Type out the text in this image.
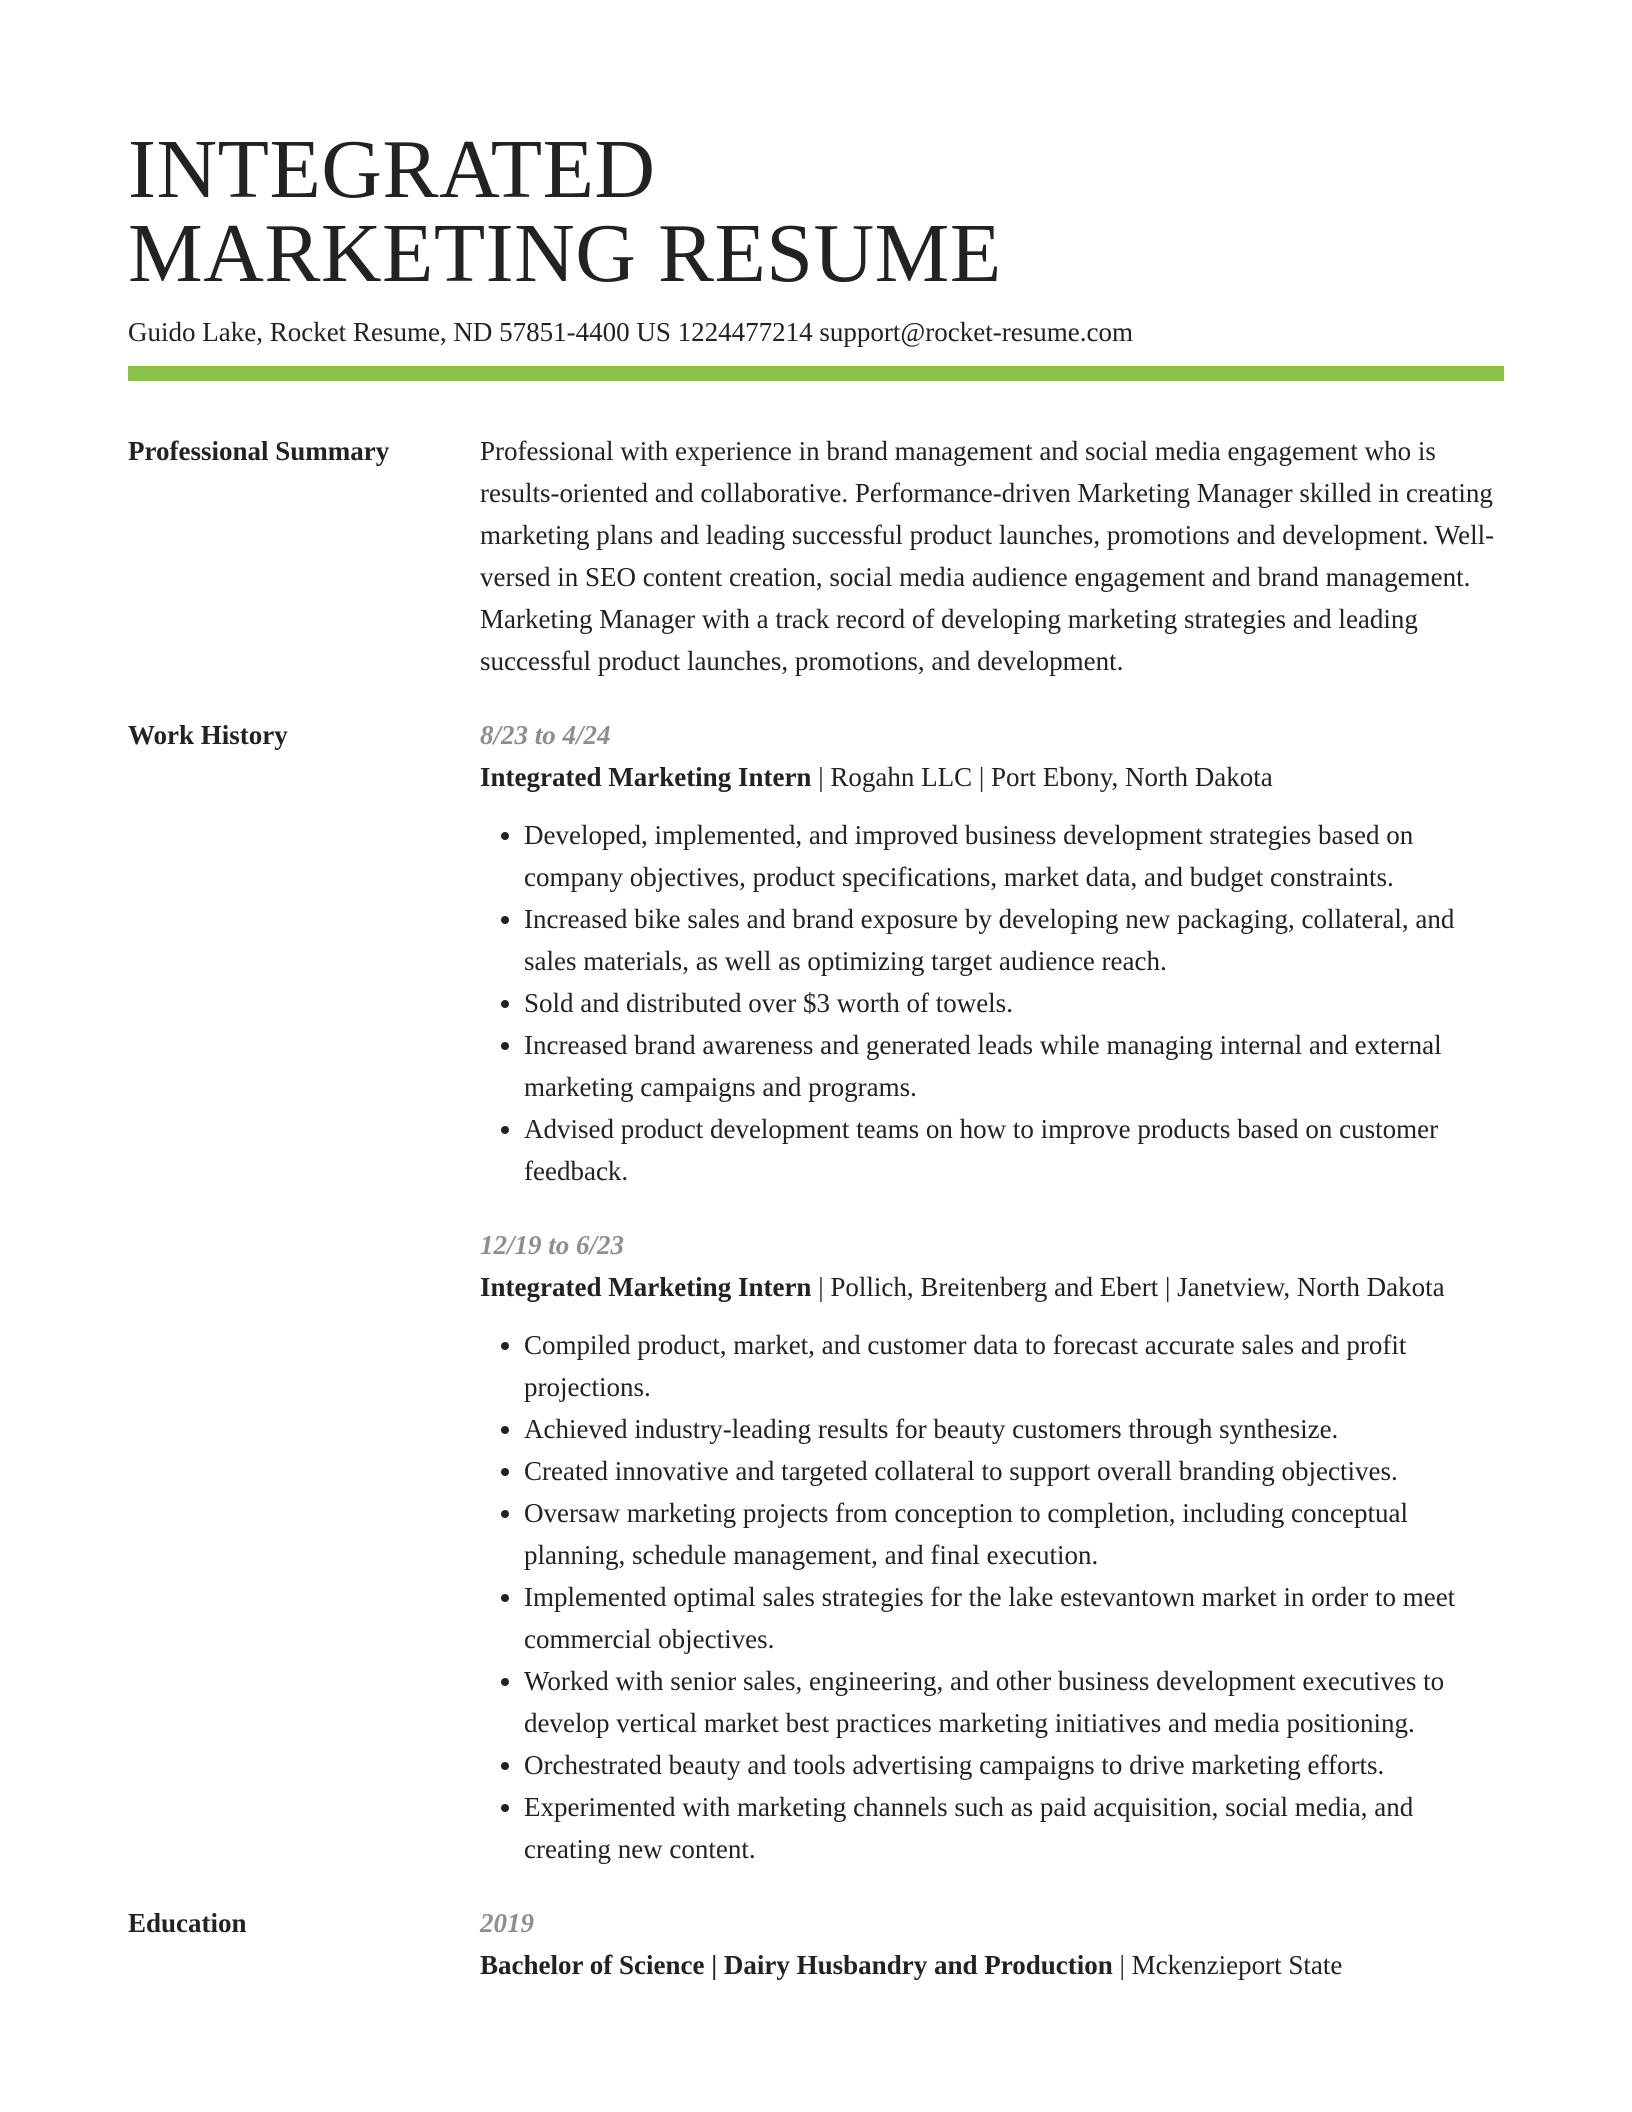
INTEGRATED
MARKETING RESUME
Guido Lake, Rocket Resume, ND 57851-4400 US 1224477214 support@rocket-resume.com
Professional Summary	Professional with experience in brand management and social media engagement who is results-oriented and collaborative. Performance-driven Marketing Manager skilled in creating marketing plans and leading successful product launches, promotions and development. Well-versed in SEO content creation, social media audience engagement and brand management. Marketing Manager with a track record of developing marketing strategies and leading successful product launches, promotions, and development.
Work History	8/23 to 4/24
Integrated Marketing Intern | Rogahn LLC | Port Ebony, North Dakota
• Developed, implemented, and improved business development strategies based on company objectives, product specifications, market data, and budget constraints.
• Increased bike sales and brand exposure by developing new packaging, collateral, and sales materials, as well as optimizing target audience reach.
• Sold and distributed over $3 worth of towels.
• Increased brand awareness and generated leads while managing internal and external marketing campaigns and programs.
• Advised product development teams on how to improve products based on customer feedback.
12/19 to 6/23
Integrated Marketing Intern | Pollich, Breitenberg and Ebert | Janetview, North Dakota
• Compiled product, market, and customer data to forecast accurate sales and profit projections.
• Achieved industry-leading results for beauty customers through synthesize.
• Created innovative and targeted collateral to support overall branding objectives.
• Oversaw marketing projects from conception to completion, including conceptual planning, schedule management, and final execution.
• Implemented optimal sales strategies for the lake estevantown market in order to meet commercial objectives.
• Worked with senior sales, engineering, and other business development executives to develop vertical market best practices marketing initiatives and media positioning.
• Orchestrated beauty and tools advertising campaigns to drive marketing efforts.
• Experimented with marketing channels such as paid acquisition, social media, and creating new content.
Education	2019
Bachelor of Science | Dairy Husbandry and Production | Mckenzieport State
